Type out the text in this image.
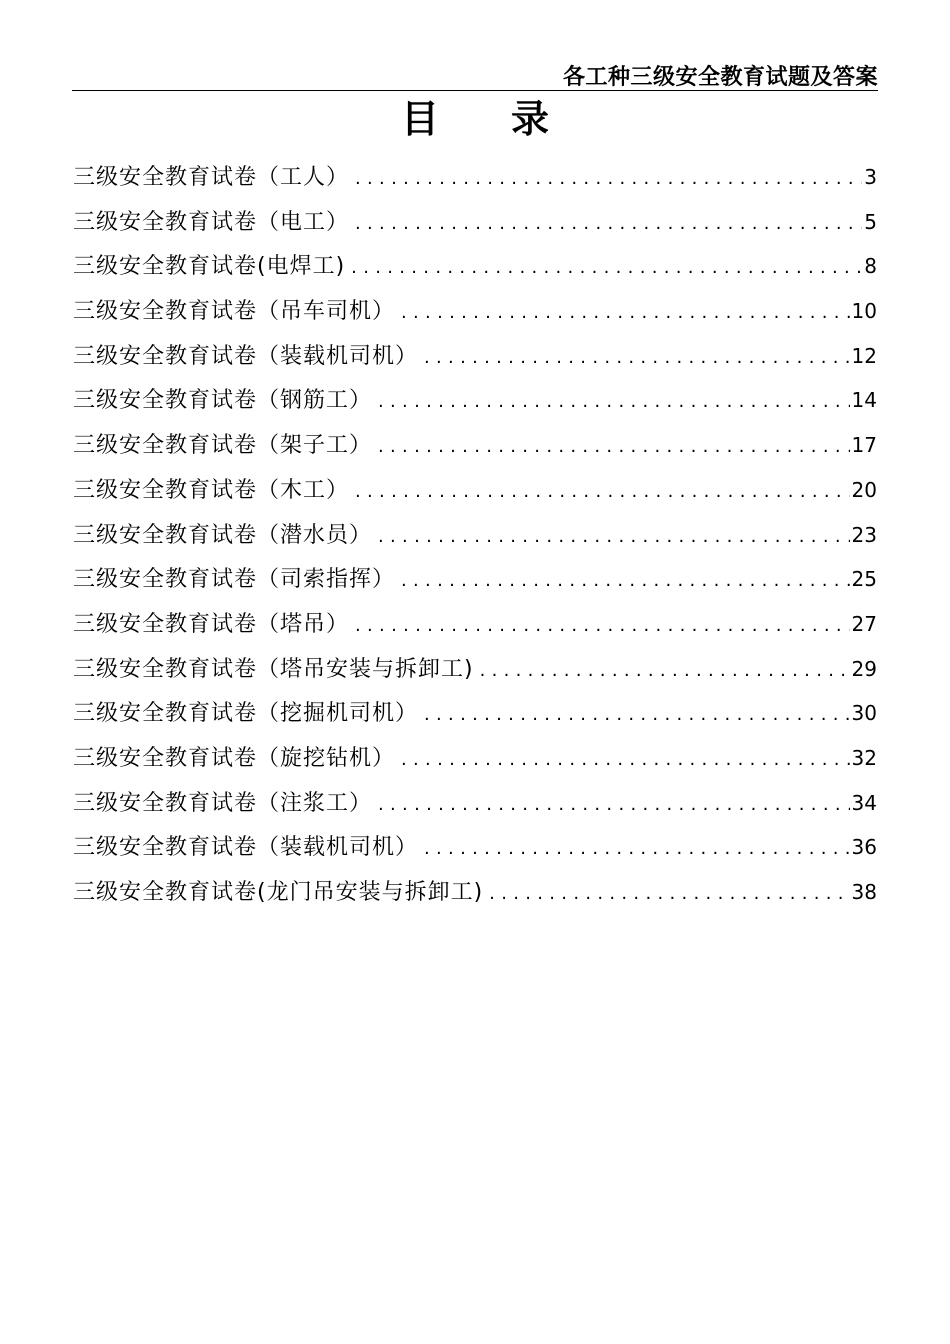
各工种三级安全教育试题及答案
目录
三级安全教育试卷（工人） .....	3
三级安全教育试卷（电工） .....	5
三级安全教育试卷(电焊工) .....	8
三级安全教育试卷（吊车司机） .....	10
三级安全教育试卷（装载机司机） .....	12
三级安全教育试卷（钢筋工） .....	14
三级安全教育试卷（架子工） .....	17
三级安全教育试卷（木工） .....	20
三级安全教育试卷（潜水员） .....	23
三级安全教育试卷（司索指挥） .....	25
三级安全教育试卷（塔吊） .....	27
三级安全教育试卷（塔吊安装与拆卸工) .....	29
三级安全教育试卷（挖掘机司机） .....	30
三级安全教育试卷（旋挖钻机） .....	32
三级安全教育试卷（注浆工） .....	34
三级安全教育试卷（装载机司机） .....	36
三级安全教育试卷(龙门吊安装与拆卸工) .....	38
